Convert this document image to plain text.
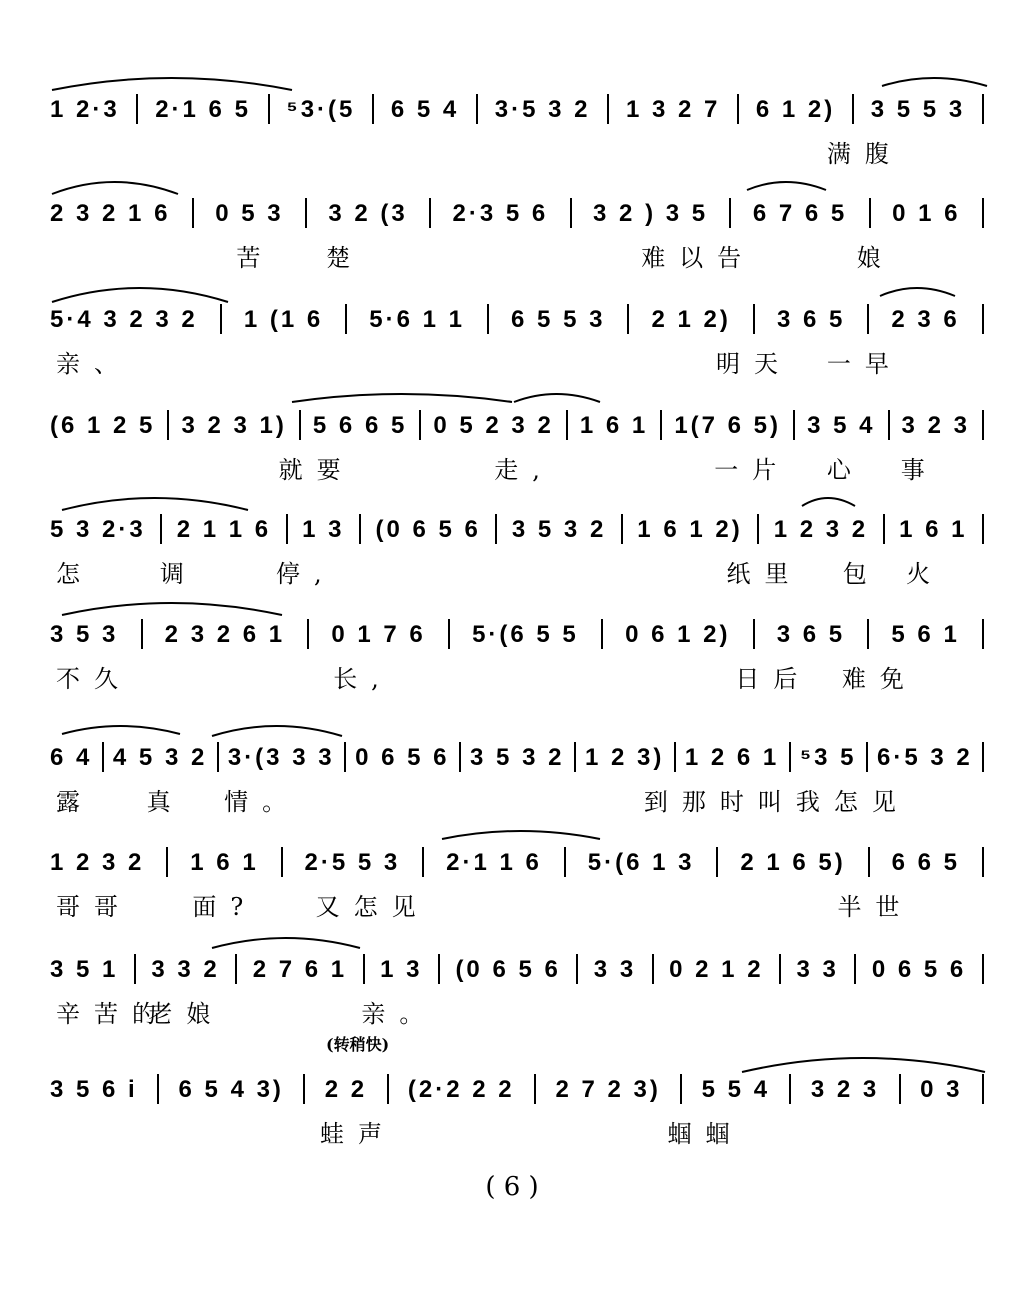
1 2·3 2·1 6 5 ⁵3·(5 6 5 4 3·5 3 2 1 3 2 7 6 1 2) 3 5 5 3
满腹
2 3 2 1 6 0 5 3 3 2 (3 2·3 5 6 3 2 ) 3 5 6 7 6 5 0 1 6
苦 楚	难以告	娘
5·4 3 2 3 2 1 (1 6 5·6 1 1 6 5 5 3 2 1 2) 3 6 5 2 3 6
亲、	明天 一早
(6 1 2 5 3 2 3 1) 5 6 6 5 0 5 2 3 2 1 6 1 1(7 6 5) 3 5 4 3 2 3
就要	走,	一片 心 事
5 3 2·3 2 1 1 6 1 3 (0 6 5 6 3 5 3 2 1 6 1 2) 1 2 3 2 1 6 1
怎	调	停,	纸里 包 火
3 5 3 2 3 2 6 1 0 1 7 6 5·(6 5 5 0 6 1 2) 3 6 5 5 6 1
不久	长,	日后 难免
6 4 4 5 3 2 3·(3 3 3 0 6 5 6 3 5 3 2 1 2 3) 1 2 6 1 ⁵3 5 6·5 3 2
露 真 情。	到那时叫我怎见
1 2 3 2 1 6 1 2·5 5 3 2·1 1 6 5·(6 1 3 2 1 6 5) 6 6 5
哥哥	面? 又怎见	半世
3 5 1 3 3 2 2 7 6 1 1 3 (0 6 5 6 3 3 0 2 1 2 3 3 0 6 5 6
辛苦的
老娘	亲。
3 5 6 i 6 5 4 3) 2 2 (2·2 2 2 2 7 2 3) 5 5 4 3 2 3 0 3
蛙声	蝈蝈
(转稍快)
( 6 )
